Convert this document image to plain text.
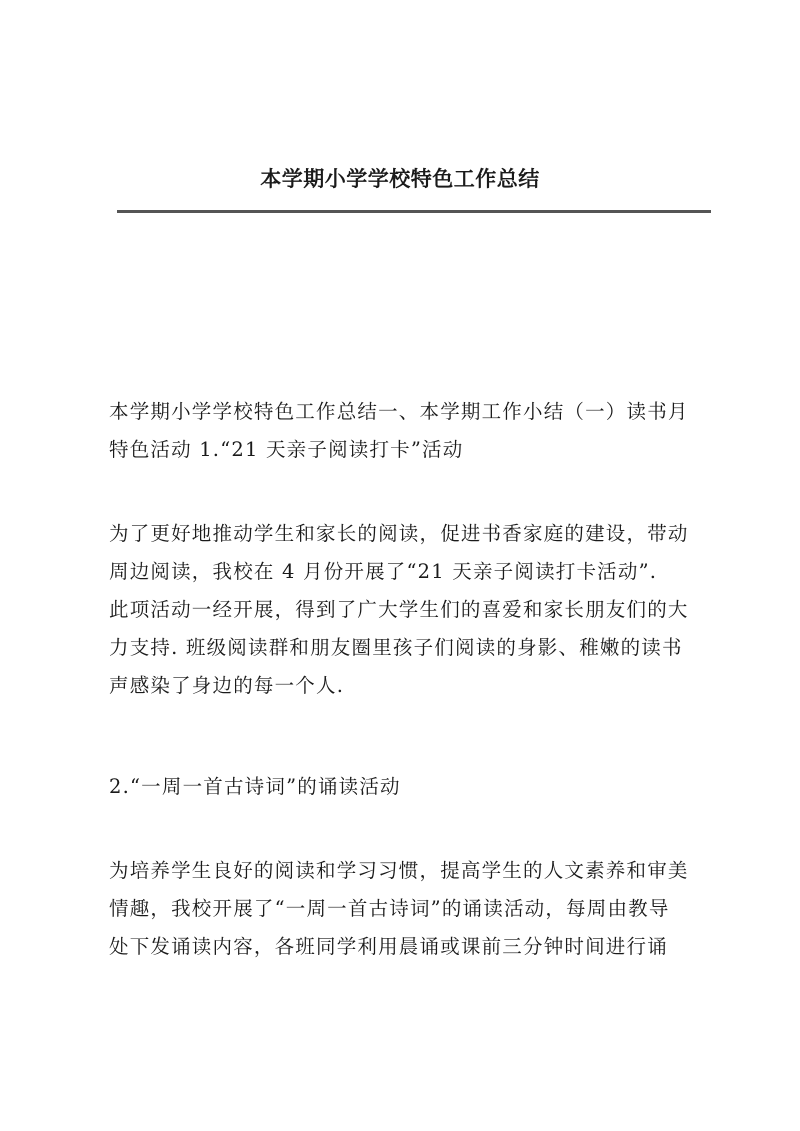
本学期小学学校特色工作总结

本学期小学学校特色工作总结一、本学期工作小结（一）读书月
特色活动 1.“21 天亲子阅读打卡”活动

为了更好地推动学生和家长的阅读，促进书香家庭的建设，带动
周边阅读，我校在 4 月份开展了“21 天亲子阅读打卡活动”.
此项活动一经开展，得到了广大学生们的喜爱和家长朋友们的大
力支持. 班级阅读群和朋友圈里孩子们阅读的身影、稚嫩的读书
声感染了身边的每一个人.

2.“一周一首古诗词”的诵读活动

为培养学生良好的阅读和学习习惯，提高学生的人文素养和审美
情趣，我校开展了“一周一首古诗词”的诵读活动，每周由教导
处下发诵读内容，各班同学利用晨诵或课前三分钟时间进行诵
